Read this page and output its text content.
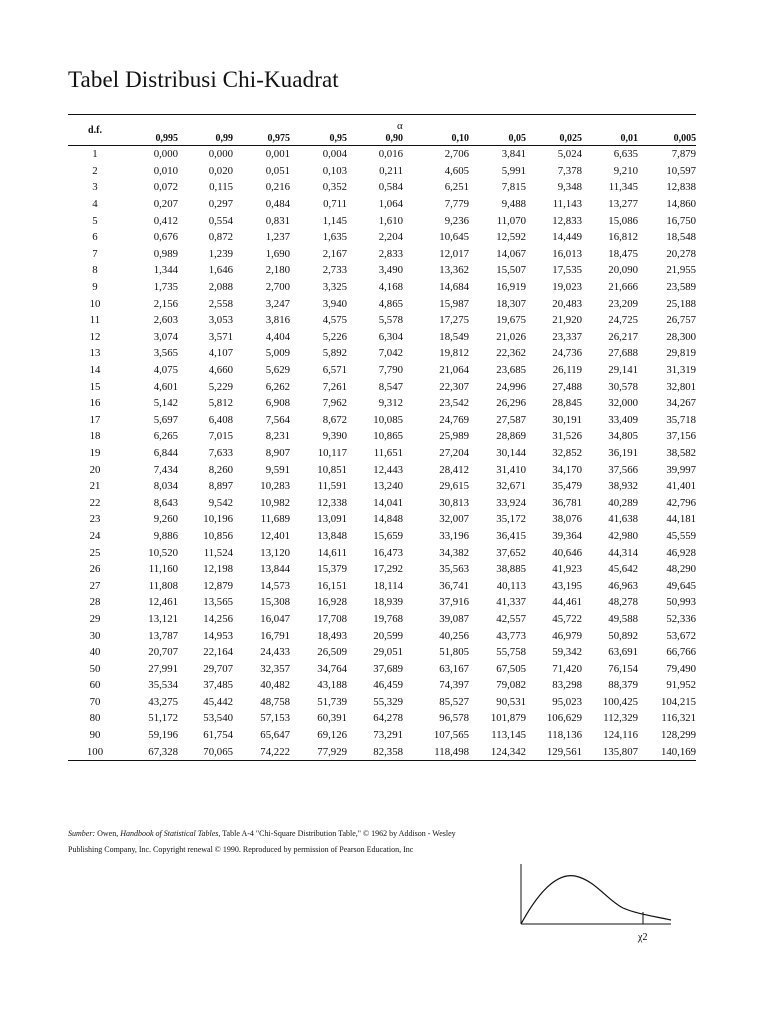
Tabel Distribusi Chi-Kuadrat
						α				
d.f.	0,995	0,99	0,975	0,95	0,90	0,10	0,05	0,025	0,01	0,005
1	0,000	0,000	0,001	0,004	0,016	2,706	3,841	5,024	6,635	7,879
2	0,010	0,020	0,051	0,103	0,211	4,605	5,991	7,378	9,210	10,597
3	0,072	0,115	0,216	0,352	0,584	6,251	7,815	9,348	11,345	12,838
4	0,207	0,297	0,484	0,711	1,064	7,779	9,488	11,143	13,277	14,860
5	0,412	0,554	0,831	1,145	1,610	9,236	11,070	12,833	15,086	16,750
6	0,676	0,872	1,237	1,635	2,204	10,645	12,592	14,449	16,812	18,548
7	0,989	1,239	1,690	2,167	2,833	12,017	14,067	16,013	18,475	20,278
8	1,344	1,646	2,180	2,733	3,490	13,362	15,507	17,535	20,090	21,955
9	1,735	2,088	2,700	3,325	4,168	14,684	16,919	19,023	21,666	23,589
10	2,156	2,558	3,247	3,940	4,865	15,987	18,307	20,483	23,209	25,188
11	2,603	3,053	3,816	4,575	5,578	17,275	19,675	21,920	24,725	26,757
12	3,074	3,571	4,404	5,226	6,304	18,549	21,026	23,337	26,217	28,300
13	3,565	4,107	5,009	5,892	7,042	19,812	22,362	24,736	27,688	29,819
14	4,075	4,660	5,629	6,571	7,790	21,064	23,685	26,119	29,141	31,319
15	4,601	5,229	6,262	7,261	8,547	22,307	24,996	27,488	30,578	32,801
16	5,142	5,812	6,908	7,962	9,312	23,542	26,296	28,845	32,000	34,267
17	5,697	6,408	7,564	8,672	10,085	24,769	27,587	30,191	33,409	35,718
18	6,265	7,015	8,231	9,390	10,865	25,989	28,869	31,526	34,805	37,156
19	6,844	7,633	8,907	10,117	11,651	27,204	30,144	32,852	36,191	38,582
20	7,434	8,260	9,591	10,851	12,443	28,412	31,410	34,170	37,566	39,997
21	8,034	8,897	10,283	11,591	13,240	29,615	32,671	35,479	38,932	41,401
22	8,643	9,542	10,982	12,338	14,041	30,813	33,924	36,781	40,289	42,796
23	9,260	10,196	11,689	13,091	14,848	32,007	35,172	38,076	41,638	44,181
24	9,886	10,856	12,401	13,848	15,659	33,196	36,415	39,364	42,980	45,559
25	10,520	11,524	13,120	14,611	16,473	34,382	37,652	40,646	44,314	46,928
26	11,160	12,198	13,844	15,379	17,292	35,563	38,885	41,923	45,642	48,290
27	11,808	12,879	14,573	16,151	18,114	36,741	40,113	43,195	46,963	49,645
28	12,461	13,565	15,308	16,928	18,939	37,916	41,337	44,461	48,278	50,993
29	13,121	14,256	16,047	17,708	19,768	39,087	42,557	45,722	49,588	52,336
30	13,787	14,953	16,791	18,493	20,599	40,256	43,773	46,979	50,892	53,672
40	20,707	22,164	24,433	26,509	29,051	51,805	55,758	59,342	63,691	66,766
50	27,991	29,707	32,357	34,764	37,689	63,167	67,505	71,420	76,154	79,490
60	35,534	37,485	40,482	43,188	46,459	74,397	79,082	83,298	88,379	91,952
70	43,275	45,442	48,758	51,739	55,329	85,527	90,531	95,023	100,425	104,215
80	51,172	53,540	57,153	60,391	64,278	96,578	101,879	106,629	112,329	116,321
90	59,196	61,754	65,647	69,126	73,291	107,565	113,145	118,136	124,116	128,299
100	67,328	70,065	74,222	77,929	82,358	118,498	124,342	129,561	135,807	140,169
Sumber: Owen, Handbook of Statistical Tables, Table A-4 "Chi-Square Distribution Table," © 1962 by Addison - Wesley
Publishing Company, Inc. Copyright renewal © 1990. Reproduced by permission of Pearson Education, Inc
χ2
